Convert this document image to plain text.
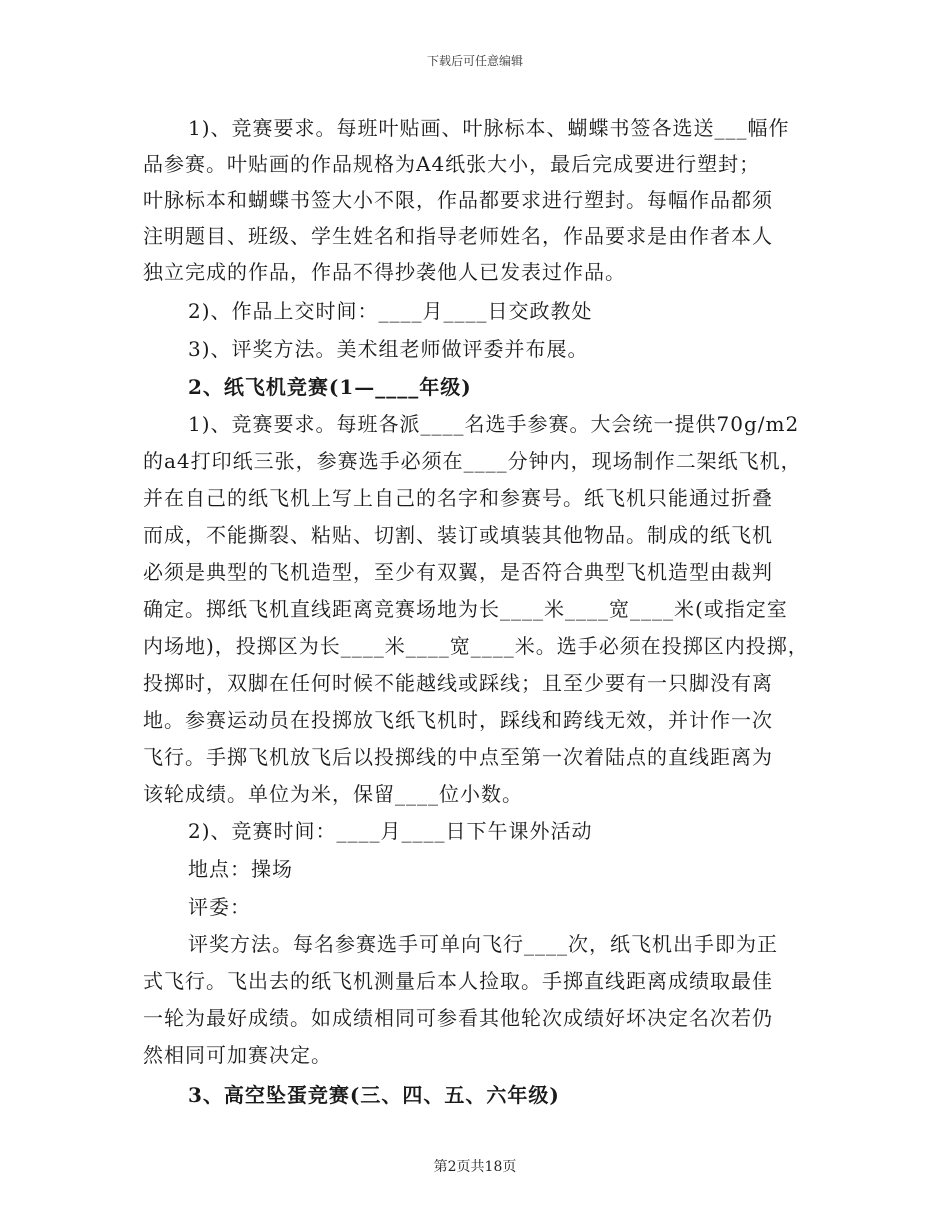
下载后可任意编辑
1)、竞赛要求。每班叶贴画、叶脉标本、蝴蝶书签各选送___幅作
品参赛。叶贴画的作品规格为A4纸张大小，最后完成要进行塑封；
叶脉标本和蝴蝶书签大小不限，作品都要求进行塑封。每幅作品都须
注明题目、班级、学生姓名和指导老师姓名，作品要求是由作者本人
独立完成的作品，作品不得抄袭他人已发表过作品。
2)、作品上交时间：____月____日交政教处
3)、评奖方法。美术组老师做评委并布展。
2、纸飞机竞赛(1—____年级)
1)、竞赛要求。每班各派____名选手参赛。大会统一提供70g/m2
的a4打印纸三张，参赛选手必须在____分钟内，现场制作二架纸飞机，
并在自己的纸飞机上写上自己的名字和参赛号。纸飞机只能通过折叠
而成，不能撕裂、粘贴、切割、装订或填装其他物品。制成的纸飞机
必须是典型的飞机造型，至少有双翼，是否符合典型飞机造型由裁判
确定。掷纸飞机直线距离竞赛场地为长____米____宽____米(或指定室
内场地)，投掷区为长____米____宽____米。选手必须在投掷区内投掷，
投掷时，双脚在任何时候不能越线或踩线；且至少要有一只脚没有离
地。参赛运动员在投掷放飞纸飞机时，踩线和跨线无效，并计作一次
飞行。手掷飞机放飞后以投掷线的中点至第一次着陆点的直线距离为
该轮成绩。单位为米，保留____位小数。
2)、竞赛时间：____月____日下午课外活动
地点：操场
评委：
评奖方法。每名参赛选手可单向飞行____次，纸飞机出手即为正
式飞行。飞出去的纸飞机测量后本人捡取。手掷直线距离成绩取最佳
一轮为最好成绩。如成绩相同可参看其他轮次成绩好坏决定名次若仍
然相同可加赛决定。
3、高空坠蛋竞赛(三、四、五、六年级)
第2页共18页
